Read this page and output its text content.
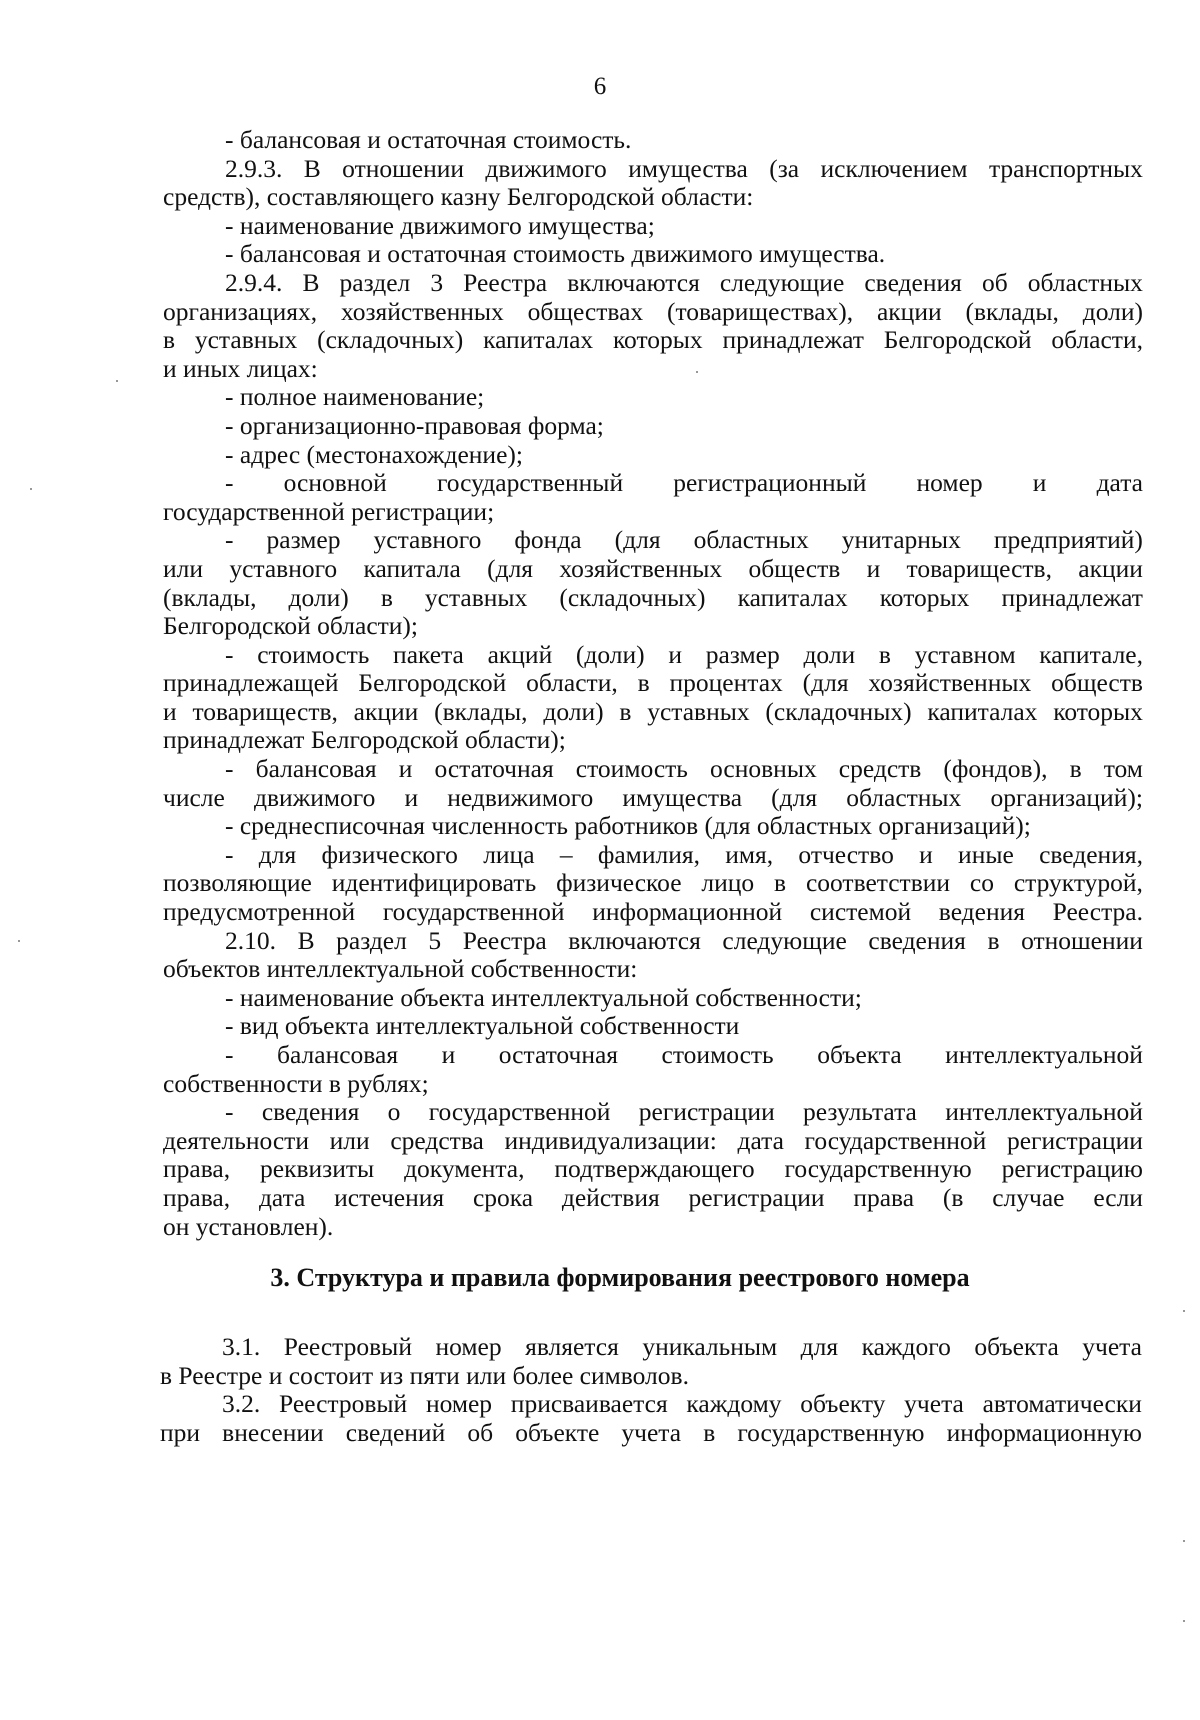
6
- балансовая и остаточная стоимость.
2.9.3. В отношении движимого имущества (за исключением транспортных
средств), составляющего казну Белгородской области:
- наименование движимого имущества;
- балансовая и остаточная стоимость движимого имущества.
2.9.4. В раздел 3 Реестра включаются следующие сведения об областных
организациях, хозяйственных обществах (товариществах), акции (вклады, доли)
в уставных (складочных) капиталах которых принадлежат Белгородской области,
и иных лицах:
- полное наименование;
- организационно-правовая форма;
- адрес (местонахождение);
- основной государственный регистрационный номер и дата
государственной регистрации;
- размер уставного фонда (для областных унитарных предприятий)
или уставного капитала (для хозяйственных обществ и товариществ, акции
(вклады, доли) в уставных (складочных) капиталах которых принадлежат
Белгородской области);
- стоимость пакета акций (доли) и размер доли в уставном капитале,
принадлежащей Белгородской области, в процентах (для хозяйственных обществ
и товариществ, акции (вклады, доли) в уставных (складочных) капиталах которых
принадлежат Белгородской области);
- балансовая и остаточная стоимость основных средств (фондов), в том
числе движимого и недвижимого имущества (для областных организаций);
- среднесписочная численность работников (для областных организаций);
- для физического лица – фамилия, имя, отчество и иные сведения,
позволяющие идентифицировать физическое лицо в соответствии со структурой,
предусмотренной государственной информационной системой ведения Реестра.
2.10. В раздел 5 Реестра включаются следующие сведения в отношении
объектов интеллектуальной собственности:
- наименование объекта интеллектуальной собственности;
- вид объекта интеллектуальной собственности
- балансовая и остаточная стоимость объекта интеллектуальной
собственности в рублях;
- сведения о государственной регистрации результата интеллектуальной
деятельности или средства индивидуализации: дата государственной регистрации
права, реквизиты документа, подтверждающего государственную регистрацию
права, дата истечения срока действия регистрации права (в случае если
он установлен).
3. Структура и правила формирования реестрового номера
3.1. Реестровый номер является уникальным для каждого объекта учета
в Реестре и состоит из пяти или более символов.
3.2. Реестровый номер присваивается каждому объекту учета автоматически
при внесении сведений об объекте учета в государственную информационную
